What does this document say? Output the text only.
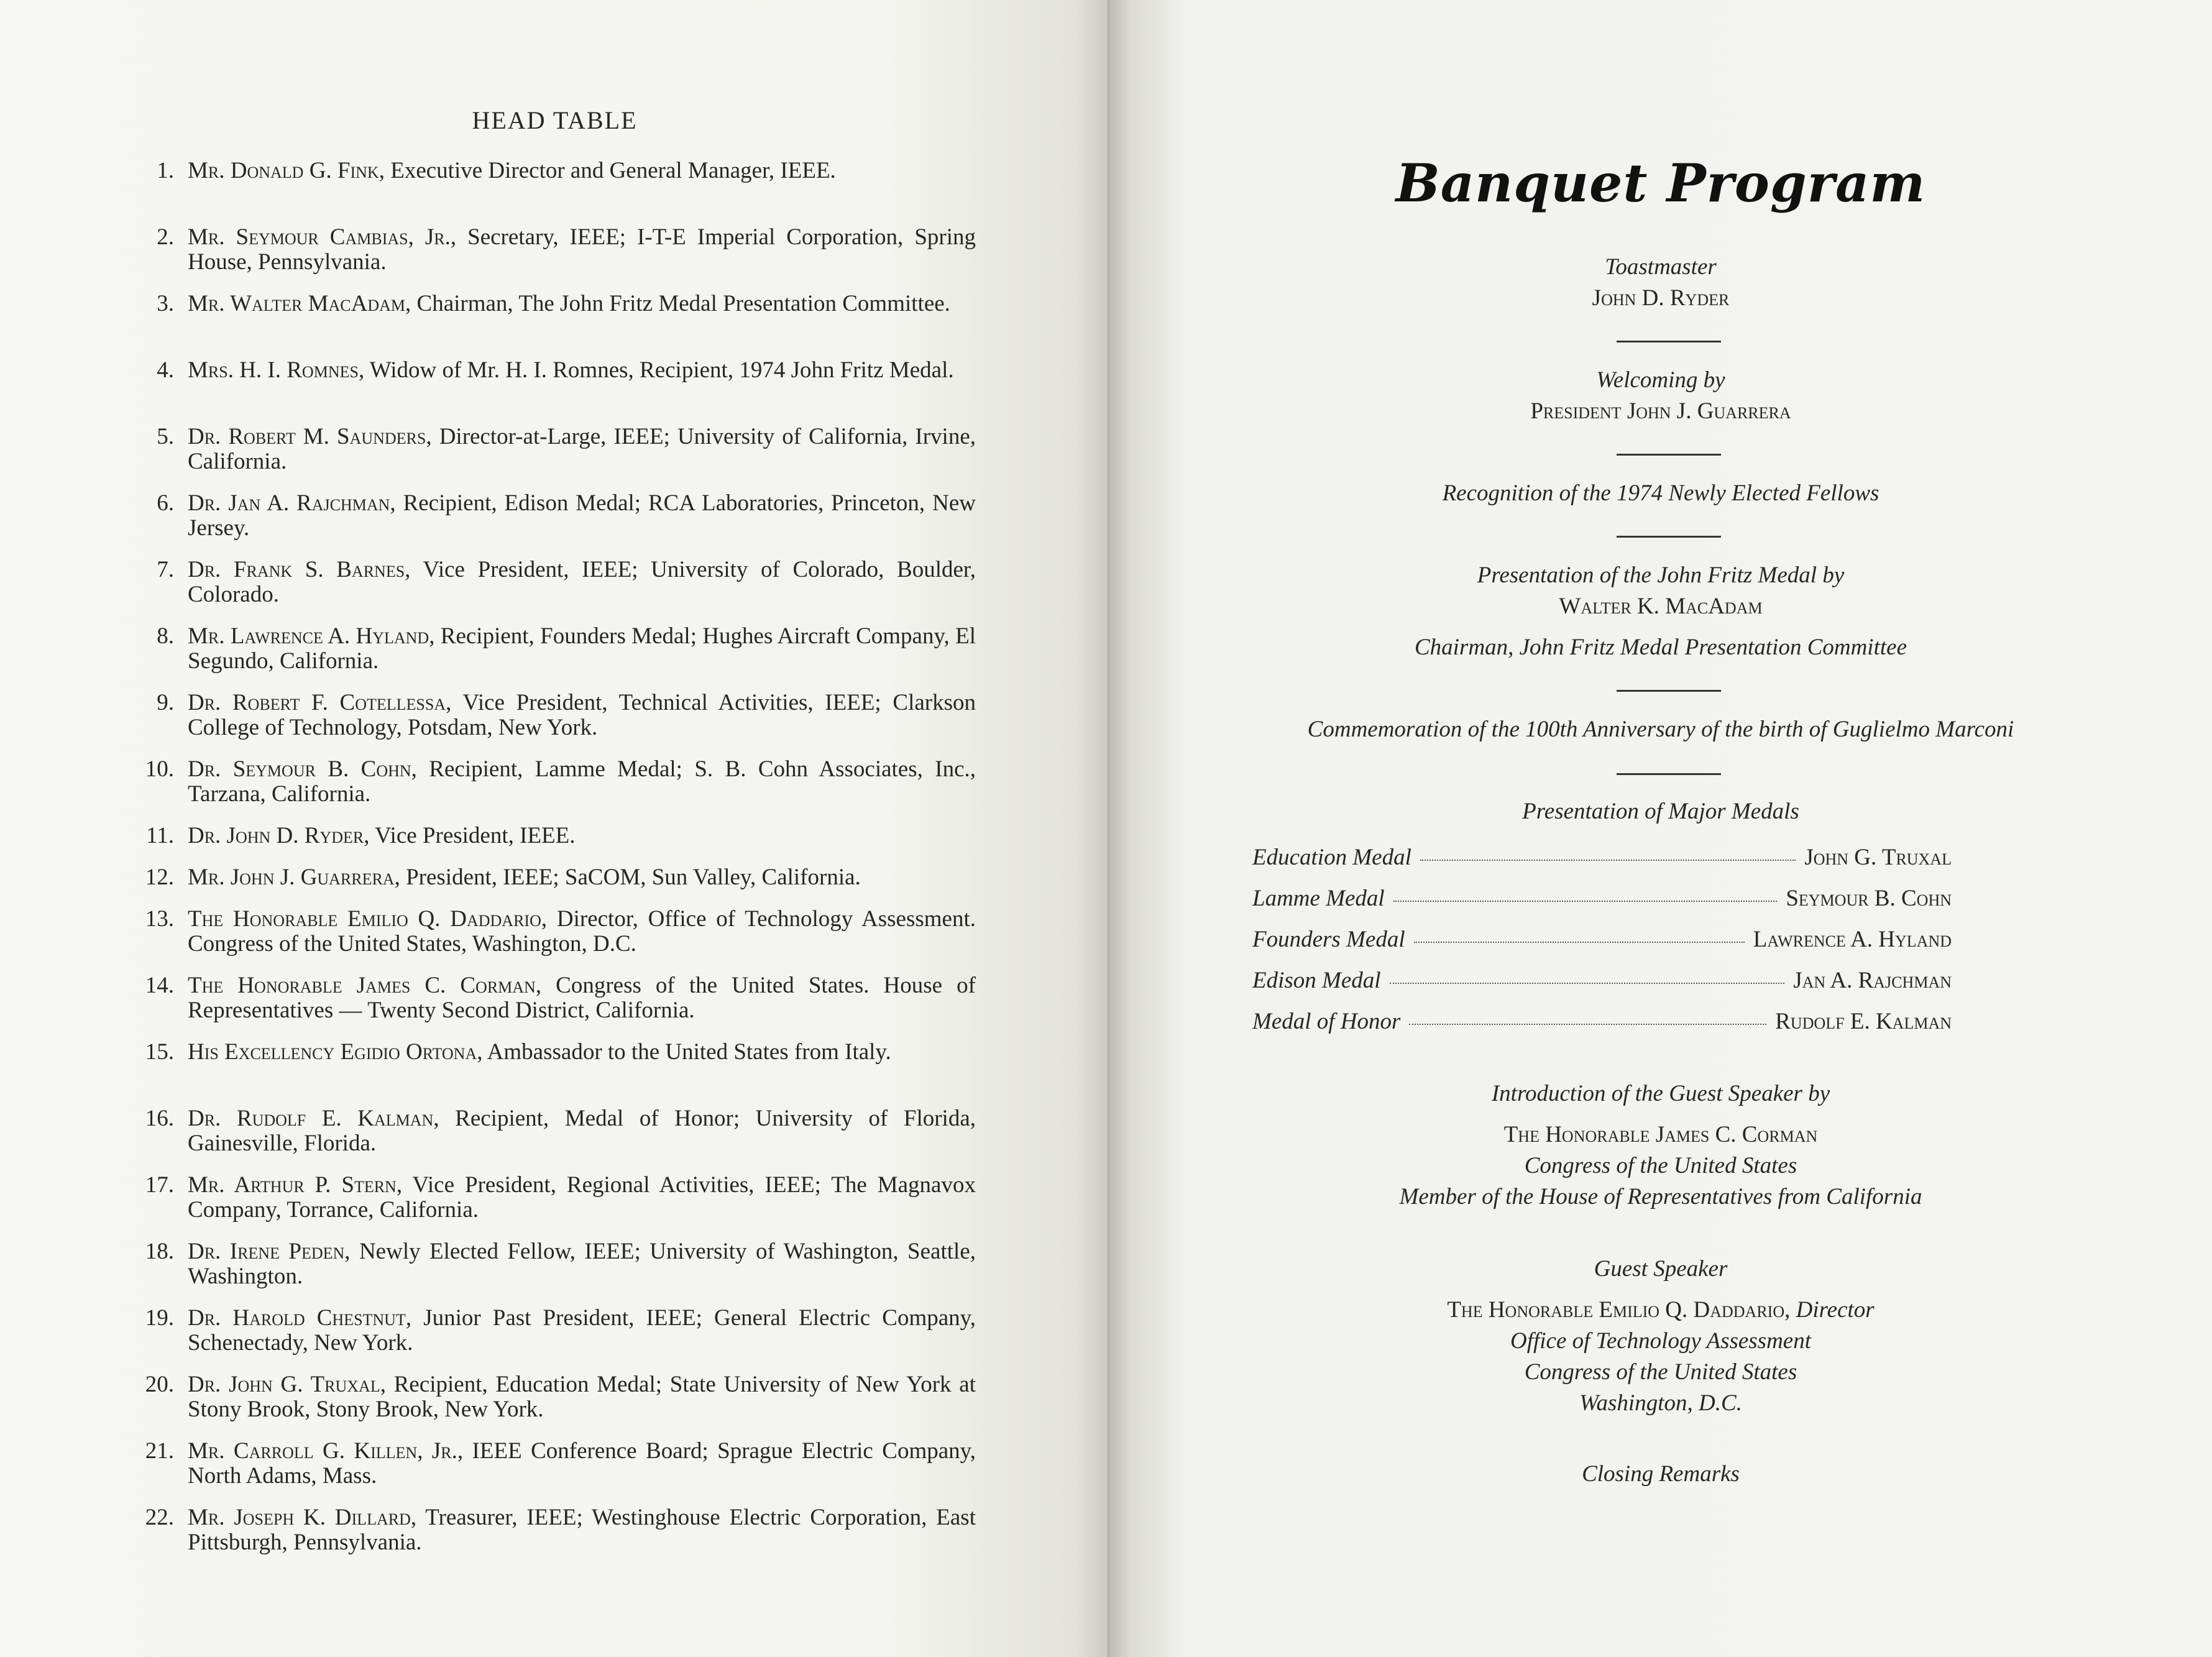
HEAD TABLE
1. Mr. Donald G. Fink, Executive Director and General Manager, IEEE.
2. Mr. Seymour Cambias, Jr., Secretary, IEEE; I-T-E Imperial Corporation, Spring House, Pennsylvania.
3. Mr. Walter MacAdam, Chairman, The John Fritz Medal Presentation Committee.
4. Mrs. H. I. Romnes, Widow of Mr. H. I. Romnes, Recipient, 1974 John Fritz Medal.
5. Dr. Robert M. Saunders, Director-at-Large, IEEE; University of California, Irvine, California.
6. Dr. Jan A. Rajchman, Recipient, Edison Medal; RCA Laboratories, Princeton, New Jersey.
7. Dr. Frank S. Barnes, Vice President, IEEE; University of Colorado, Boulder, Colorado.
8. Mr. Lawrence A. Hyland, Recipient, Founders Medal; Hughes Aircraft Company, El Segundo, California.
9. Dr. Robert F. Cotellessa, Vice President, Technical Activities, IEEE; Clarkson College of Technology, Potsdam, New York.
10. Dr. Seymour B. Cohn, Recipient, Lamme Medal; S. B. Cohn Associates, Inc., Tarzana, California.
11. Dr. John D. Ryder, Vice President, IEEE.
12. Mr. John J. Guarrera, President, IEEE; SaCOM, Sun Valley, California.
13. The Honorable Emilio Q. Daddario, Director, Office of Technology Assessment. Congress of the United States, Washington, D.C.
14. The Honorable James C. Corman, Congress of the United States. House of Representatives — Twenty Second District, California.
15. His Excellency Egidio Ortona, Ambassador to the United States from Italy.
16. Dr. Rudolf E. Kalman, Recipient, Medal of Honor; University of Florida, Gainesville, Florida.
17. Mr. Arthur P. Stern, Vice President, Regional Activities, IEEE; The Magnavox Company, Torrance, California.
18. Dr. Irene Peden, Newly Elected Fellow, IEEE; University of Washington, Seattle, Washington.
19. Dr. Harold Chestnut, Junior Past President, IEEE; General Electric Company, Schenectady, New York.
20. Dr. John G. Truxal, Recipient, Education Medal; State University of New York at Stony Brook, Stony Brook, New York.
21. Mr. Carroll G. Killen, Jr., IEEE Conference Board; Sprague Electric Company, North Adams, Mass.
22. Mr. Joseph K. Dillard, Treasurer, IEEE; Westinghouse Electric Corporation, East Pittsburgh, Pennsylvania.
Banquet Program
Toastmaster
John D. Ryder
Welcoming by
President John J. Guarrera
Recognition of the 1974 Newly Elected Fellows
Presentation of the John Fritz Medal by
Walter K. MacAdam
Chairman, John Fritz Medal Presentation Committee
Commemoration of the 100th Anniversary of the birth of Guglielmo Marconi
Presentation of Major Medals
Education Medal	John G. Truxal
Lamme Medal	Seymour B. Cohn
Founders Medal	Lawrence A. Hyland
Edison Medal	Jan A. Rajchman
Medal of Honor	Rudolf E. Kalman
Introduction of the Guest Speaker by
The Honorable James C. Corman
Congress of the United States
Member of the House of Representatives from California
Guest Speaker
The Honorable Emilio Q. Daddario, Director
Office of Technology Assessment
Congress of the United States
Washington, D.C.
Closing Remarks
